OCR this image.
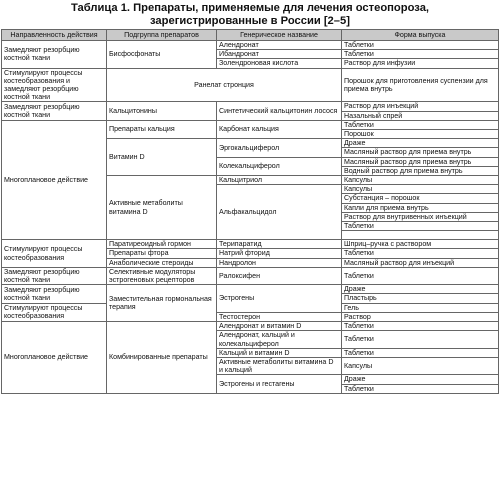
Таблица 1. Препараты, применяемые для лечения остеопороза,
зарегистрированные в России [2–5]
Направленность действия	Подгруппа препаратов	Генерическое название	Форма выпуска
Замедляют резорбцию костной ткани	Бисфосфонаты	Алендронат	Таблетки
		Ибандронат	Таблетки
		Золендроновая кислота	Раствор для инфузии
Стимулируют процессы костеобразования и замедляют резорбцию костной ткани	Ранелат стронция		Порошок для приготовления суспензии для приема внутрь
Замедляют резорбцию костной ткани	Кальцитонины	Синтетический кальцитонин лосося	Раствор для инъекций
			Назальный спрей
Многоплановое действие	Препараты кальция	Карбонат кальция	Таблетки
			Порошок
	Витамин D	Эргокальциферол	Драже
			Масляный раствор для приема внутрь
		Колекальциферол	Масляный раствор для приема внутрь
			Водный раствор для приема внутрь
	Активные метаболиты витамина D	Кальцитриол	Капсулы
		Альфакальцидол	Капсулы
			Субстанция – порошок
			Капли для приема внутрь
			Раствор для внутривенных инъекций
			Таблетки

Стимулируют процессы костеобразования	Паратиреоидный гормон	Терипаратид	Шприц–ручка с раствором
	Препараты фтора	Натрий фторид	Таблетки
	Анаболические стероиды	Нандролон	Масляный раствор для инъекций
Замедляют резорбцию костной ткани	Селективные модуляторы эстрогеновых рецепторов	Ралоксифен	Таблетки
Замедляют резорбцию костной ткани	Заместительная гормональная терапия	Эстрогены	Драже
			Пластырь
Стимулируют процессы костеобразования			Гель
		Тестостерон	Раствор
Многоплановое действие	Комбинированные препараты	Алендронат и витамин D	Таблетки
		Алендронат, кальций и колекальциферол	Таблетки
		Кальций и витамин D	Таблетки
		Активные метаболиты витамина D и кальций	Капсулы
		Эстрогены и гестагены	Драже
			Таблетки
